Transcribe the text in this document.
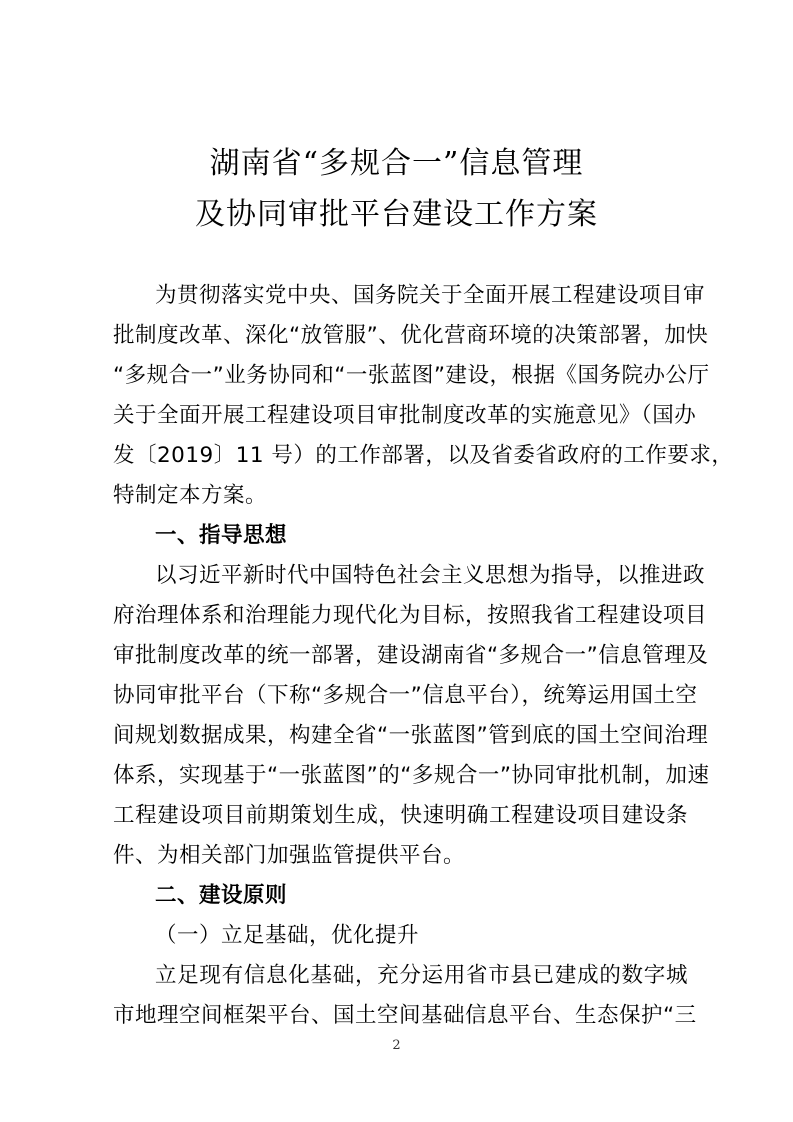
湖南省“多规合一”信息管理
及协同审批平台建设工作方案
为贯彻落实党中央、国务院关于全面开展工程建设项目审
批制度改革、深化“放管服”、优化营商环境的决策部署，加快
“多规合一”业务协同和“一张蓝图”建设，根据《国务院办公厅
关于全面开展工程建设项目审批制度改革的实施意见》（国办
发〔2019〕11 号）的工作部署，以及省委省政府的工作要求，
特制定本方案。
一、指导思想
以习近平新时代中国特色社会主义思想为指导，以推进政
府治理体系和治理能力现代化为目标，按照我省工程建设项目
审批制度改革的统一部署，建设湖南省“多规合一”信息管理及
协同审批平台（下称“多规合一”信息平台），统筹运用国土空
间规划数据成果，构建全省“一张蓝图”管到底的国土空间治理
体系，实现基于“一张蓝图”的“多规合一”协同审批机制，加速
工程建设项目前期策划生成，快速明确工程建设项目建设条
件、为相关部门加强监管提供平台。
二、建设原则
（一）立足基础，优化提升
立足现有信息化基础，充分运用省市县已建成的数字城
市地理空间框架平台、国土空间基础信息平台、生态保护“三
2
